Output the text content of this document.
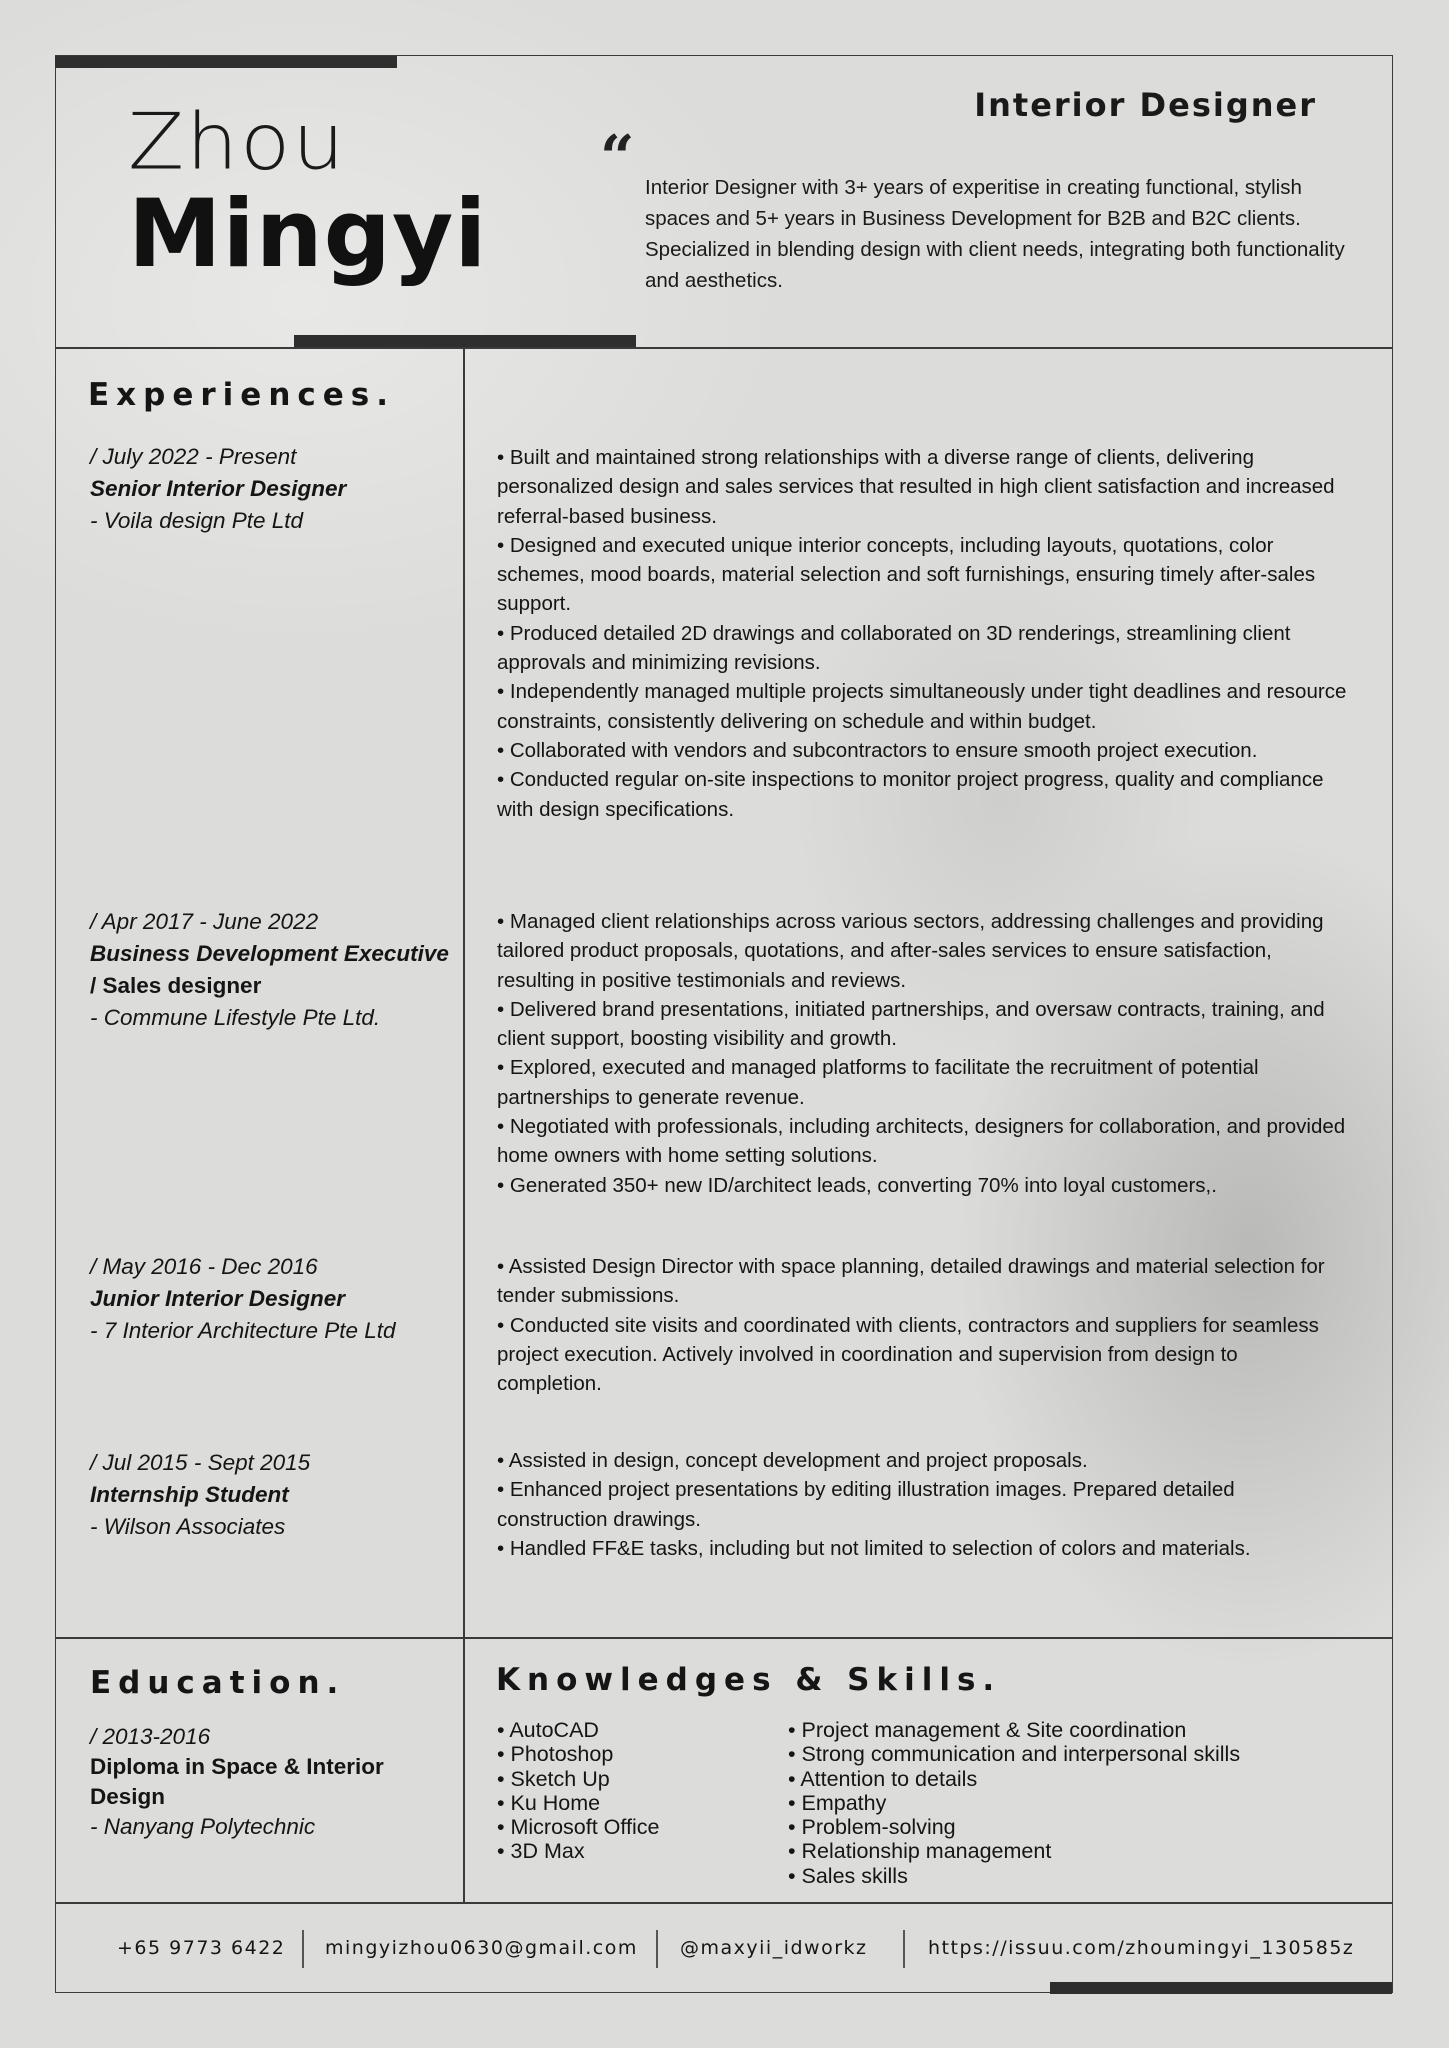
Zhou
Mingyi
Interior Designer
“ Interior Designer with 3+ years of experitise in creating functional, stylish spaces and 5+ years in Business Development for B2B and B2C clients. Specialized in blending design with client needs, integrating both functionality and aesthetics.
Experiences.
/ July 2022 - Present
Senior Interior Designer
- Voila design Pte Ltd
• Built and maintained strong relationships with a diverse range of clients, delivering personalized design and sales services that resulted in high client satisfaction and increased referral-based business.
• Designed and executed unique interior concepts, including layouts, quotations, color schemes, mood boards, material selection and soft furnishings, ensuring timely after-sales support.
• Produced detailed 2D drawings and collaborated on 3D renderings, streamlining client approvals and minimizing revisions.
• Independently managed multiple projects simultaneously under tight deadlines and resource constraints, consistently delivering on schedule and within budget.
• Collaborated with vendors and subcontractors to ensure smooth project execution.
• Conducted regular on-site inspections to monitor project progress, quality and compliance with design specifications.
/ Apr 2017 - June 2022
Business Development Executive / Sales designer
- Commune Lifestyle Pte Ltd.
• Managed client relationships across various sectors, addressing challenges and providing tailored product proposals, quotations, and after-sales services to ensure satisfaction, resulting in positive testimonials and reviews.
• Delivered brand presentations, initiated partnerships, and oversaw contracts, training, and client support, boosting visibility and growth.
• Explored, executed and managed platforms to facilitate the recruitment of potential partnerships to generate revenue.
• Negotiated with professionals, including architects, designers for collaboration, and provided home owners with home setting solutions.
• Generated 350+ new ID/architect leads, converting 70% into loyal customers,.
/ May 2016 - Dec 2016
Junior Interior Designer
- 7 Interior Architecture Pte Ltd
• Assisted Design Director with space planning, detailed drawings and material selection for tender submissions.
• Conducted site visits and coordinated with clients, contractors and suppliers for seamless project execution. Actively involved in coordination and supervision from design to completion.
/ Jul 2015 - Sept 2015
Internship Student
- Wilson Associates
• Assisted in design, concept development and project proposals.
• Enhanced project presentations by editing illustration images. Prepared detailed construction drawings.
• Handled FF&E tasks, including but not limited to selection of colors and materials.
Education.
/ 2013-2016
Diploma in Space & Interior Design
- Nanyang Polytechnic
Knowledges & Skills.
• AutoCAD
• Photoshop
• Sketch Up
• Ku Home
• Microsoft Office
• 3D Max
• Project management & Site coordination
• Strong communication and interpersonal skills
• Attention to details
• Empathy
• Problem-solving
• Relationship management
• Sales skills
+65 9773 6422 mingyizhou0630@gmail.com @maxyii_idworkz	https://issuu.com/zhoumingyi_130585z
